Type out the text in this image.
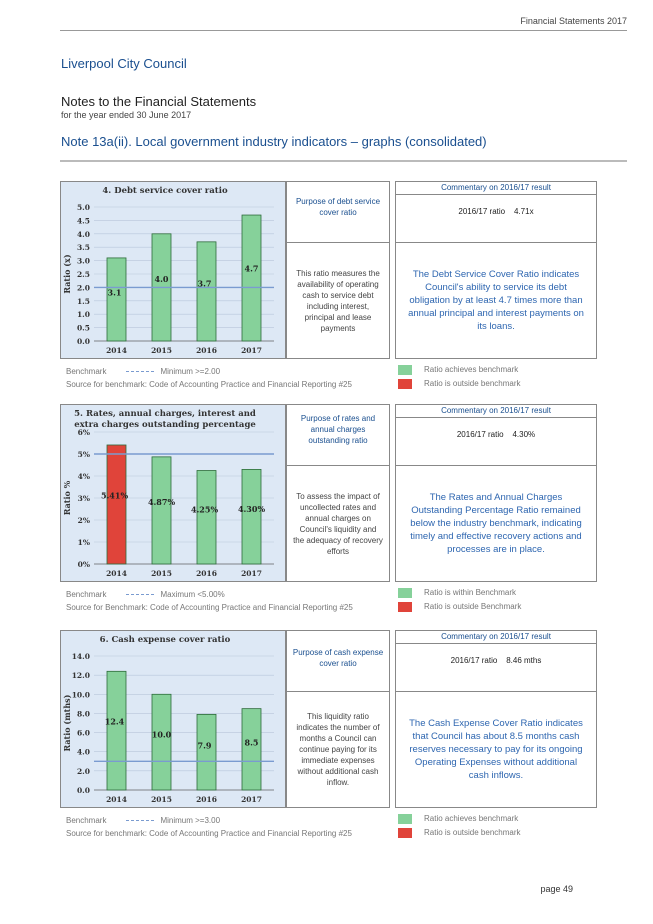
Financial Statements 2017
Liverpool City Council
Notes to the Financial Statements
for the year ended 30 June 2017
Note 13a(ii). Local government industry indicators – graphs (consolidated)
4. Debt service cover ratio
0.0
0.5
1.0
1.5
2.0
2.5
3.0
3.5
4.0
4.5
5.0
Ratio (x)	3.1
2014
4.0
2015
3.7
2016
4.7
2017
Purpose of debt service cover ratio
This ratio measures the availability of operating cash to service debt including interest, principal and lease payments
Commentary on 2016/17 result
2016/17 ratio 4.71x
The Debt Service Cover Ratio indicates Council's ability to service its debt obligation by at least 4.7 times more than annual principal and interest payments on its loans.
Benchmark	Minimum >=2.00
Source for benchmark: Code of Accounting Practice and Financial Reporting #25
Ratio achieves benchmark
Ratio is outside benchmark
5. Rates, annual charges, interest and
extra charges outstanding percentage
0%
1%
2%
3%
4%
5%
6%
Ratio %	5.41%
2014
4.87%
2015
4.25%
2016
4.30%
2017
Purpose of rates and annual charges outstanding ratio
To assess the impact of uncollected rates and annual charges on Council's liquidity and the adequacy of recovery efforts
Commentary on 2016/17 result
2016/17 ratio 4.30%
The Rates and Annual Charges Outstanding Percentage Ratio remained below the industry benchmark, indicating timely and effective recovery actions and processes are in place.
Benchmark	Maximum <5.00%
Source for Benchmark: Code of Accounting Practice and Financial Reporting #25
Ratio is within Benchmark
Ratio is outside Benchmark
6. Cash expense cover ratio
0.0
2.0
4.0
6.0
8.0
10.0
12.0
14.0
Ratio (mths)	12.4
2014
10.0
2015
7.9
2016
8.5
2017
Purpose of cash expense cover ratio
This liquidity ratio indicates the number of months a Council can continue paying for its immediate expenses without additional cash inflow.
Commentary on 2016/17 result
2016/17 ratio 8.46 mths
The Cash Expense Cover Ratio indicates that Council has about 8.5 months cash reserves necessary to pay for its ongoing Operating Expenses without additional cash inflows.
Benchmark	Minimum >=3.00
Source for benchmark: Code of Accounting Practice and Financial Reporting #25
Ratio achieves benchmark
Ratio is outside benchmark
page 49
